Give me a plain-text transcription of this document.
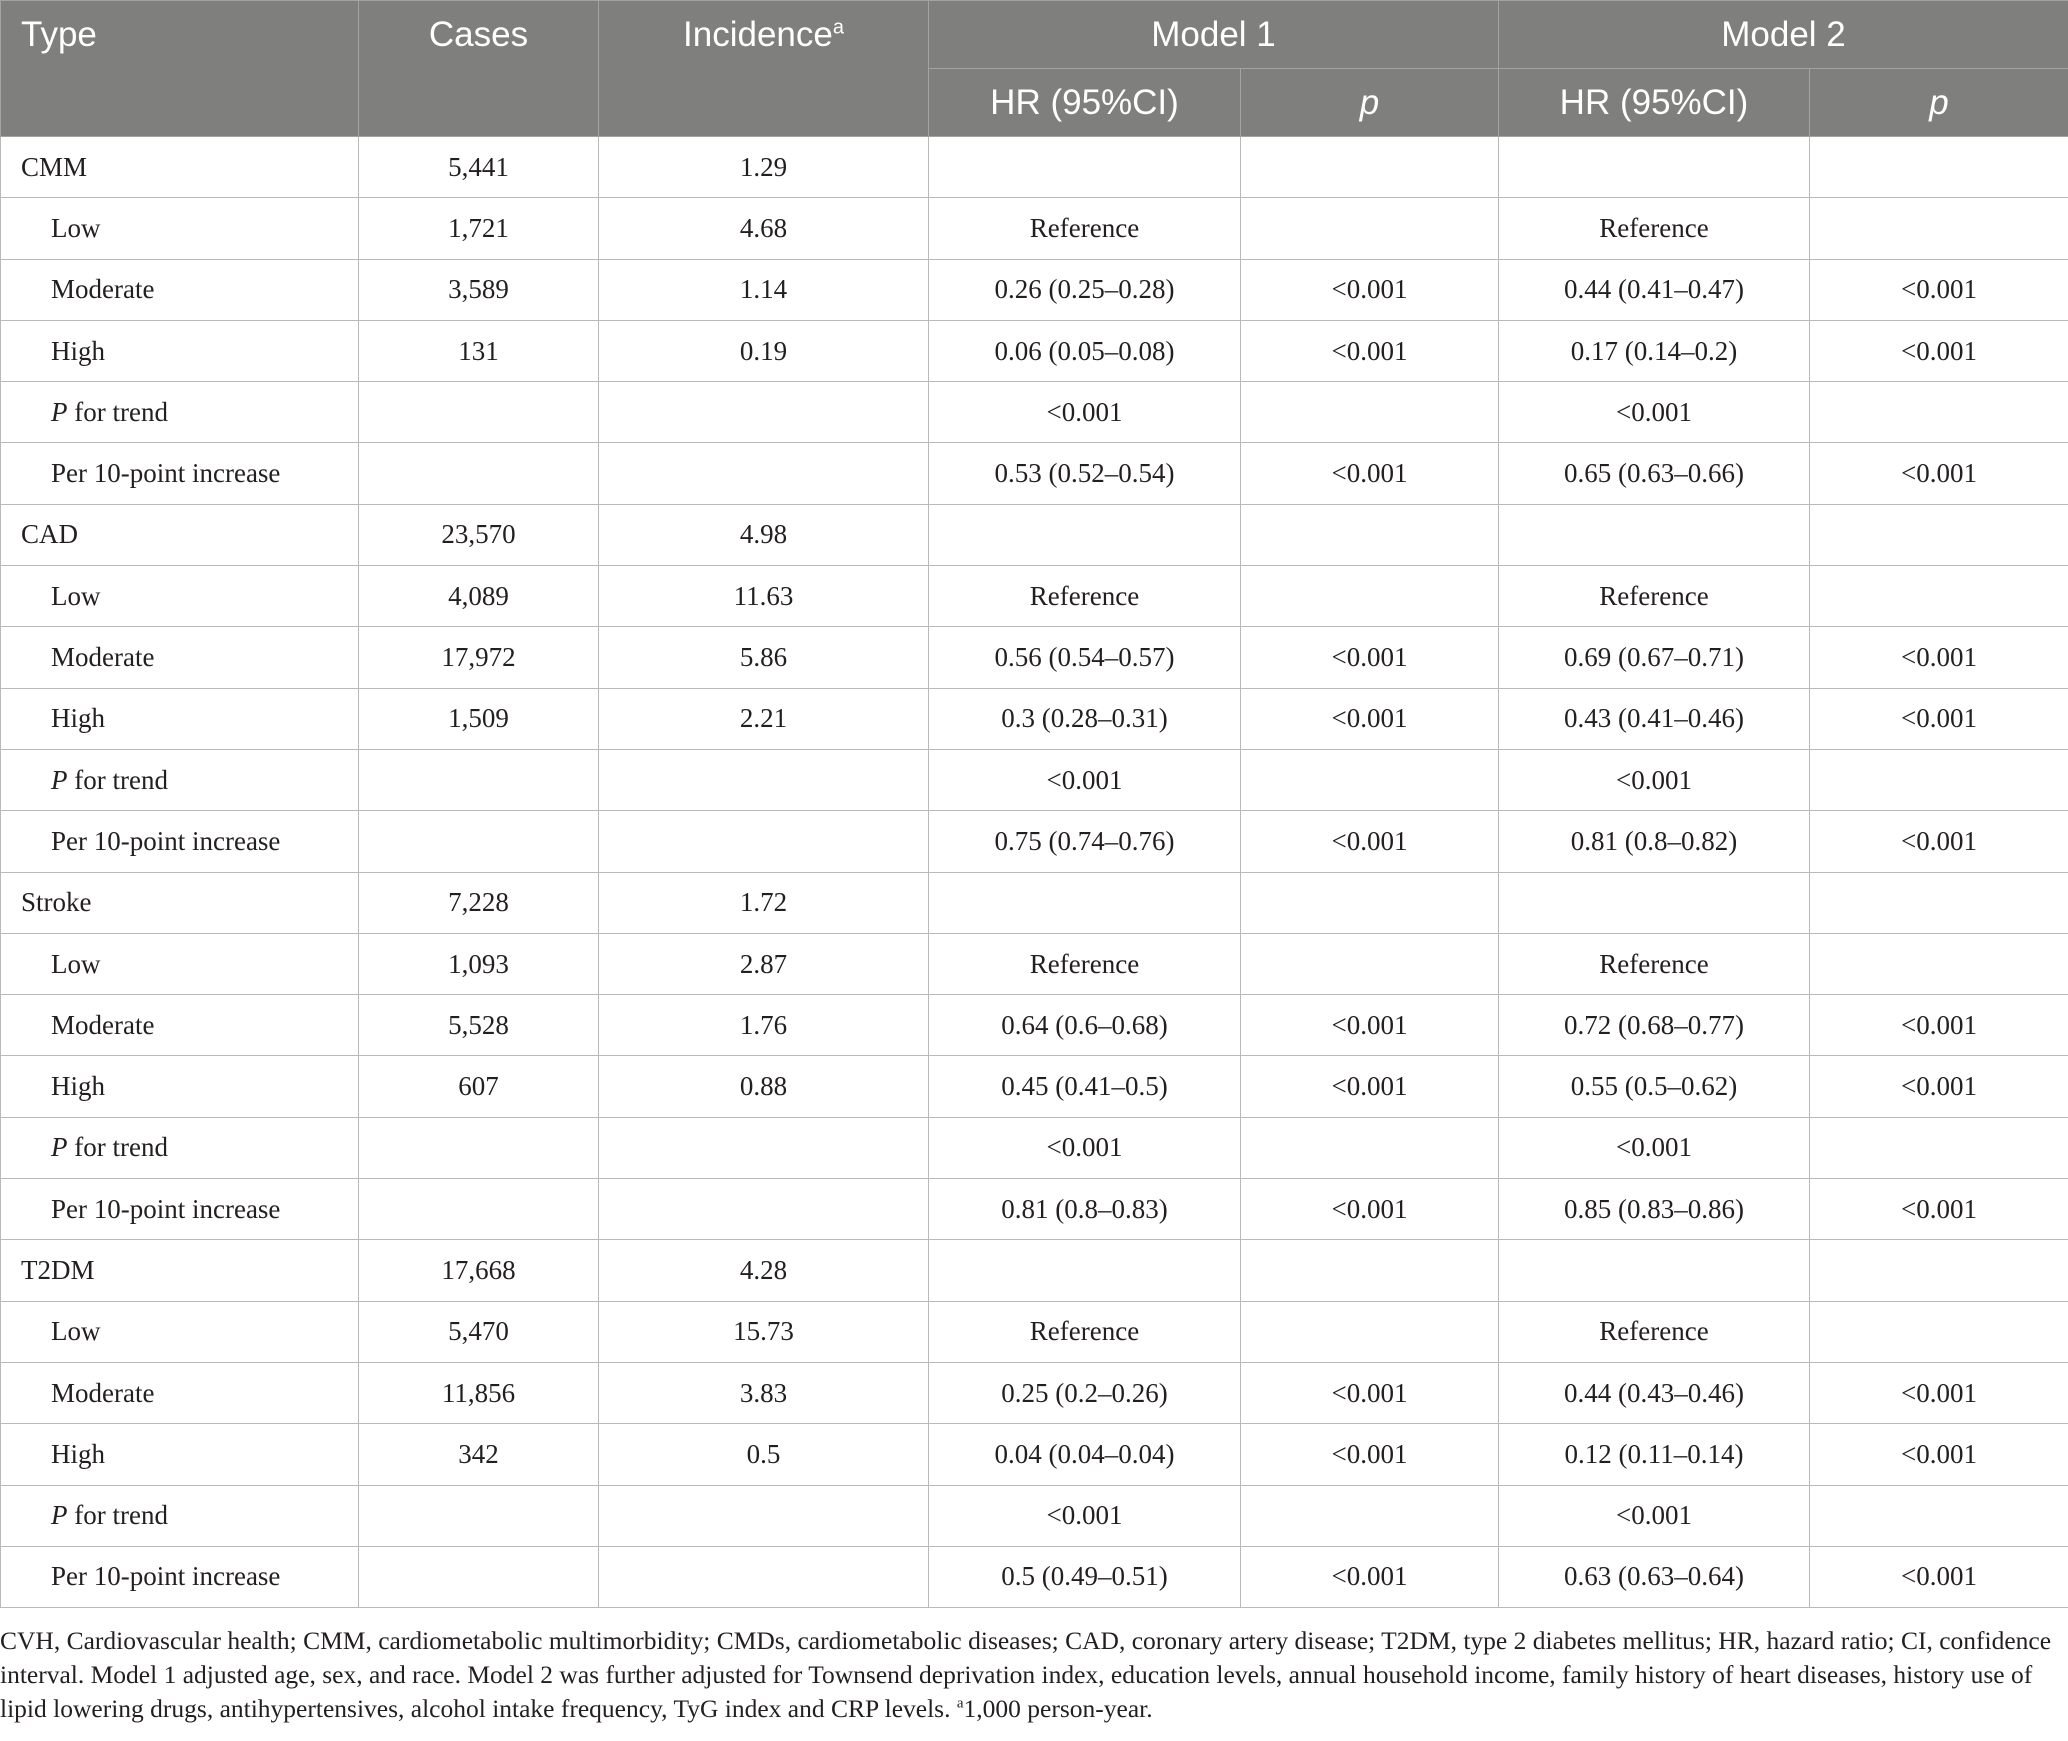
Type	Cases	Incidence$^a$	Model 1		Model 2	
			HR (95%CI)	p	HR (95%CI)	p
CMM	5,441	1.29				
Low	1,721	4.68	Reference		Reference	
Moderate	3,589	1.14	0.26 (0.25–0.28)	<0.001	0.44 (0.41–0.47)	<0.001
High	131	0.19	0.06 (0.05–0.08)	<0.001	0.17 (0.14–0.2)	<0.001
P for trend			<0.001		<0.001	
Per 10-point increase			0.53 (0.52–0.54)	<0.001	0.65 (0.63–0.66)	<0.001
CAD	23,570	4.98				
Low	4,089	11.63	Reference		Reference	
Moderate	17,972	5.86	0.56 (0.54–0.57)	<0.001	0.69 (0.67–0.71)	<0.001
High	1,509	2.21	0.3 (0.28–0.31)	<0.001	0.43 (0.41–0.46)	<0.001
P for trend			<0.001		<0.001	
Per 10-point increase			0.75 (0.74–0.76)	<0.001	0.81 (0.8–0.82)	<0.001
Stroke	7,228	1.72				
Low	1,093	2.87	Reference		Reference	
Moderate	5,528	1.76	0.64 (0.6–0.68)	<0.001	0.72 (0.68–0.77)	<0.001
High	607	0.88	0.45 (0.41–0.5)	<0.001	0.55 (0.5–0.62)	<0.001
P for trend			<0.001		<0.001	
Per 10-point increase			0.81 (0.8–0.83)	<0.001	0.85 (0.83–0.86)	<0.001
T2DM	17,668	4.28				
Low	5,470	15.73	Reference		Reference	
Moderate	11,856	3.83	0.25 (0.2–0.26)	<0.001	0.44 (0.43–0.46)	<0.001
High	342	0.5	0.04 (0.04–0.04)	<0.001	0.12 (0.11–0.14)	<0.001
P for trend			<0.001		<0.001	
Per 10-point increase			0.5 (0.49–0.51)	<0.001	0.63 (0.63–0.64)	<0.001
CVH, Cardiovascular health; CMM, cardiometabolic multimorbidity; CMDs, cardiometabolic diseases; CAD, coronary artery disease; T2DM, type 2 diabetes mellitus; HR, hazard ratio; CI, confidence interval. Model 1 adjusted age, sex, and race. Model 2 was further adjusted for Townsend deprivation index, education levels, annual household income, family history of heart diseases, history use of lipid lowering drugs, antihypertensives, alcohol intake frequency, TyG index and CRP levels. $^a$1,000 person-year.
